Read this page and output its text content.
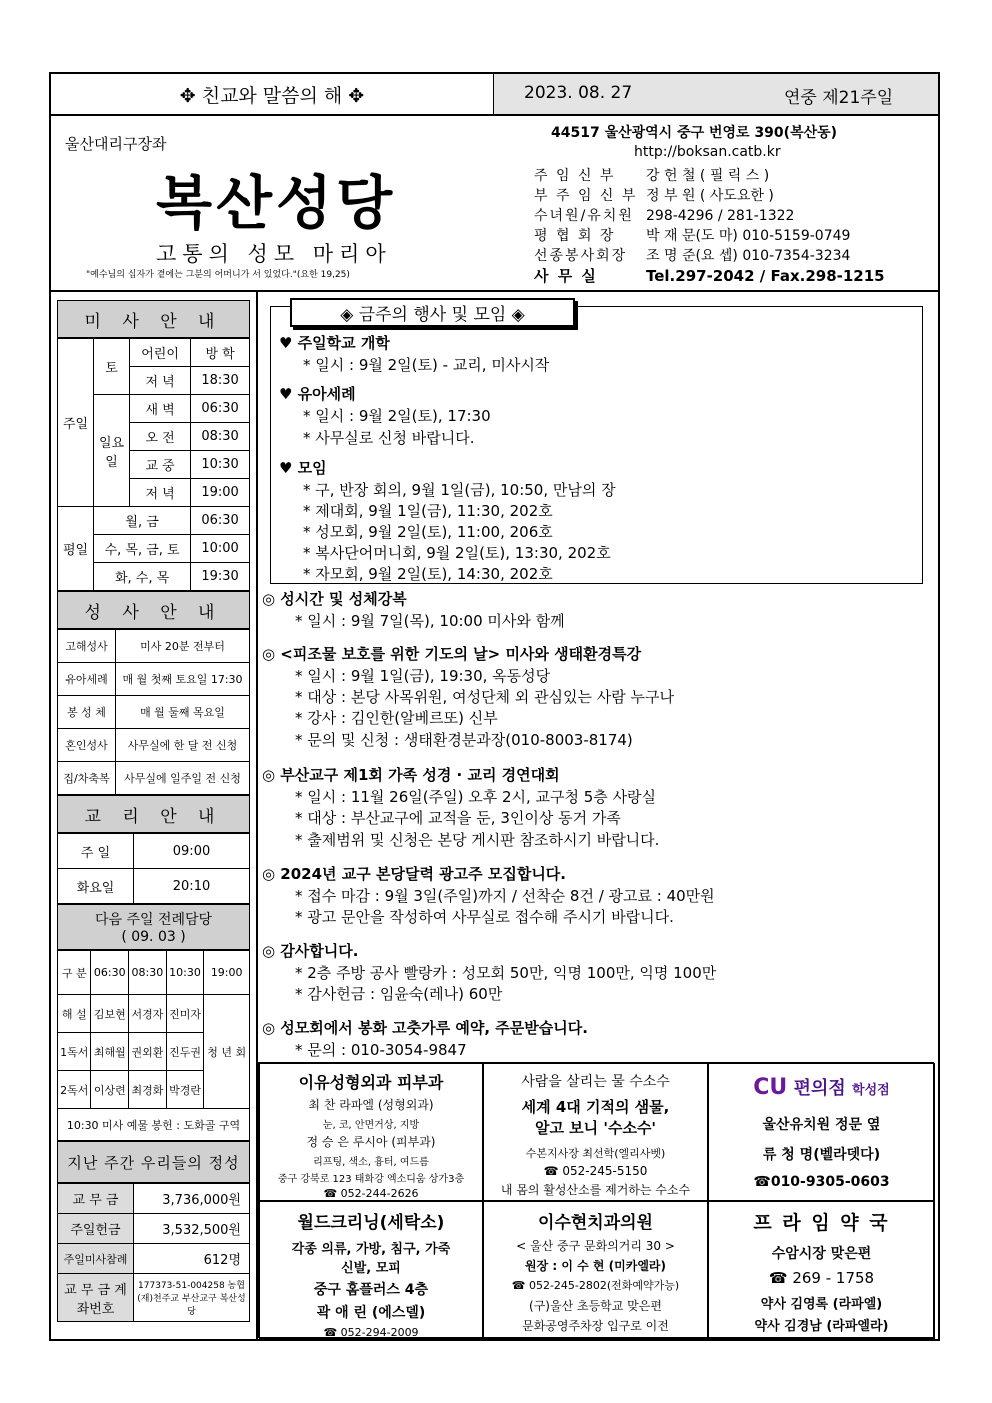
✥ 친교와 말씀의 해 ✥	2023. 08. 27	연중 제21주일
울산대리구장좌
복산성당
고통의 성모 마리아
"예수님의 십자가 곁에는 그분의 어머니가 서 있었다."(요한 19,25)
44517 울산광역시 중구 번영로 390(복산동)
http://boksan.catb.kr
주 임 신 부 강 헌 철 ( 필 릭 스 )
부 주 임 신 부 정 부 원 ( 사도요한 )
수녀원/유치원 298-4296 / 281-1322
평 협 회 장 박 재 문(도 마) 010-5159-0749
선종봉사회장 조 명 준(요 셉) 010-7354-3234
사 무 실	Tel.297-2042 / Fax.298-1215
미 사 안 내
주일	토	어린이	방 학
		저 녁	18:30
	일요일	새 벽	06:30
		오 전	08:30
		교 중	10:30
		저 녁	19:00
평일	월, 금		06:30
	수, 목, 금, 토		10:00
	화, 수, 목		19:30
성 사 안 내
고해성사	미사 20분 전부터
유아세례	매 월 첫째 토요일 17:30
봉 성 체	매 월 둘째 목요일
혼인성사	사무실에 한 달 전 신청
집/차축복	사무실에 일주일 전 신청
교 리 안 내
주 일	09:00
화요일	20:10
다음 주일 전례담당
( 09. 03 )
구 분	06:30	08:30	10:30	19:00
해 설	김보현	서경자	진미자	청 년 회
1독서	최해월	권외환	진두권	
2독서	이상련	최경화	박경란	
10:30 미사 예물 봉헌 : 도화골 구역				
지난 주간 우리들의 정성
교 무 금	3,736,000원
주일헌금	3,532,500원
주일미사참례	612명
교 무 금 계좌번호	177373-51-004258 농협 (재)천주교 부산교구 복산성당
◈ 금주의 행사 및 모임 ◈
♥ 주일학교 개학
* 일시 : 9월 2일(토) - 교리, 미사시작
♥ 유아세례
* 일시 : 9월 2일(토), 17:30
* 사무실로 신청 바랍니다.
♥ 모임
* 구, 반장 회의, 9월 1일(금), 10:50, 만남의 장
* 제대회, 9월 1일(금), 11:30, 202호
* 성모회, 9월 2일(토), 11:00, 206호
* 복사단어머니회, 9월 2일(토), 13:30, 202호
* 자모회, 9월 2일(토), 14:30, 202호
◎ 성시간 및 성체강복
* 일시 : 9월 7일(목), 10:00 미사와 함께
◎ <피조물 보호를 위한 기도의 날> 미사와 생태환경특강
* 일시 : 9월 1일(금), 19:30, 옥동성당
* 대상 : 본당 사목위원, 여성단체 외 관심있는 사람 누구나
* 강사 : 김인한(알베르또) 신부
* 문의 및 신청 : 생태환경분과장(010-8003-8174)
◎ 부산교구 제1회 가족 성경 · 교리 경연대회
* 일시 : 11월 26일(주일) 오후 2시, 교구청 5층 사랑실
* 대상 : 부산교구에 교적을 둔, 3인이상 동거 가족
* 출제범위 및 신청은 본당 게시판 참조하시기 바랍니다.
◎ 2024년 교구 본당달력 광고주 모집합니다.
* 접수 마감 : 9월 3일(주일)까지 / 선착순 8건 / 광고료 : 40만원
* 광고 문안을 작성하여 사무실로 접수해 주시기 바랍니다.
◎ 감사합니다.
* 2층 주방 공사 빨랑카 : 성모회 50만, 익명 100만, 익명 100만
* 감사헌금 : 임윤숙(레나) 60만
◎ 성모회에서 봉화 고춧가루 예약, 주문받습니다.
* 문의 : 010-3054-9847
이유성형외과 피부과
최 찬 라파엘 (성형외과)
눈, 코, 안면거상, 지방
정 승 은 루시아 (피부과)
리프팅, 색소, 흉터, 여드름
중구 강북로 123 태화강 엑소디움 상가3층
☎ 052-244-2626
사람을 살리는 물 수소수
세계 4대 기적의 샘물,
알고 보니 '수소수'
수본지사장 최선학(엘리사벳)
☎ 052-245-5150
내 몸의 활성산소를 제거하는 수소수
CU 편의점 학성점
울산유치원 정문 옆
류 청 명(벨라뎃다)
☎010-9305-0603
월드크리닝(세탁소)
각종 의류, 가방, 침구, 가죽
신발, 모피
중구 홈플러스 4층
곽 애 린 (에스델)
☎ 052-294-2009
이수현치과의원
< 울산 중구 문화의거리 30 >
원장 : 이 수 현 (미카엘라)
☎ 052-245-2802(전화예약가능)
(구)울산 초등학교 맞은편
문화공영주차장 입구로 이전
프 라 임 약 국
수암시장 맞은편
☎ 269 - 1758
약사 김영록 (라파엘)
약사 김경남 (라파엘라)
